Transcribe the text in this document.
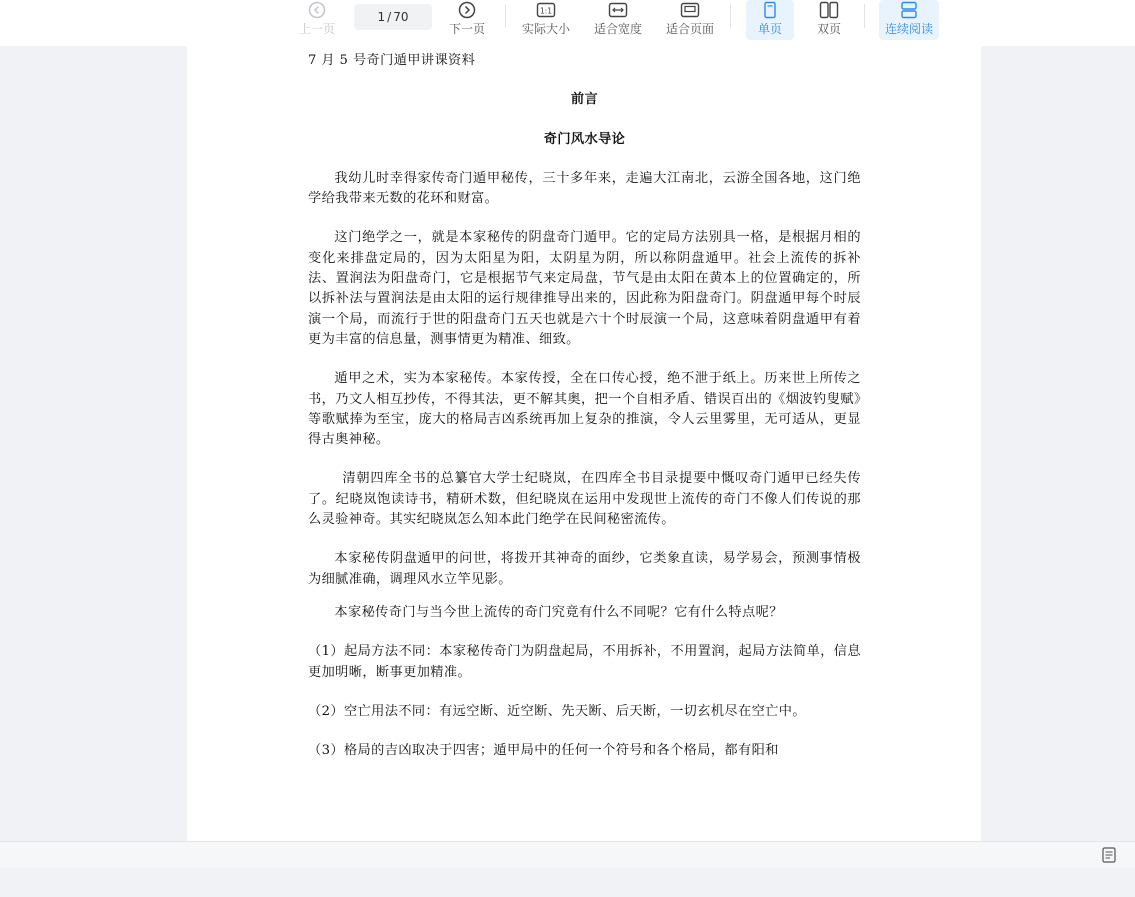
上一页
1 / 70
下一页
1:1
实际大小 适合宽度 适合页面	单页	双页	连续阅读
7 月 5 号奇门遁甲讲课资料
前言
奇门风水导论
我幼儿时幸得家传奇门遁甲秘传，三十多年来，走遍大江南北，云游全国各地，这门绝学给我带来无数的花环和财富。
这门绝学之一，就是本家秘传的阴盘奇门遁甲。它的定局方法别具一格，是根据月相的变化来排盘定局的，因为太阳星为阳，太阴星为阴，所以称阴盘遁甲。社会上流传的拆补法、置润法为阳盘奇门，它是根据节气来定局盘，节气是由太阳在黄本上的位置确定的，所以拆补法与置润法是由太阳的运行规律推导出来的，因此称为阳盘奇门。阴盘遁甲每个时辰演一个局，而流行于世的阳盘奇门五天也就是六十个时辰演一个局，这意味着阴盘遁甲有着更为丰富的信息量，测事情更为精准、细致。
遁甲之术，实为本家秘传。本家传授，全在口传心授，绝不泄于纸上。历来世上所传之书，乃文人相互抄传，不得其法，更不解其奥，把一个自相矛盾、错误百出的《烟波钓叟赋》等歌赋捧为至宝，庞大的格局吉凶系统再加上复杂的推演，令人云里雾里，无可适从，更显得古奥神秘。
清朝四库全书的总纂官大学士纪晓岚，在四库全书目录提要中慨叹奇门遁甲已经失传了。纪晓岚饱读诗书，精研术数，但纪晓岚在运用中发现世上流传的奇门不像人们传说的那么灵验神奇。其实纪晓岚怎么知本此门绝学在民间秘密流传。
本家秘传阴盘遁甲的问世，将拨开其神奇的面纱，它类象直读，易学易会，预测事情极为细腻准确，调理风水立竿见影。
本家秘传奇门与当今世上流传的奇门究竟有什么不同呢？它有什么特点呢？
（1）起局方法不同：本家秘传奇门为阴盘起局，不用拆补，不用置润，起局方法简单，信息更加明晰，断事更加精准。
（2）空亡用法不同：有远空断、近空断、先天断、后天断，一切玄机尽在空亡中。
（3）格局的吉凶取决于四害；遁甲局中的任何一个符号和各个格局，都有阳和
